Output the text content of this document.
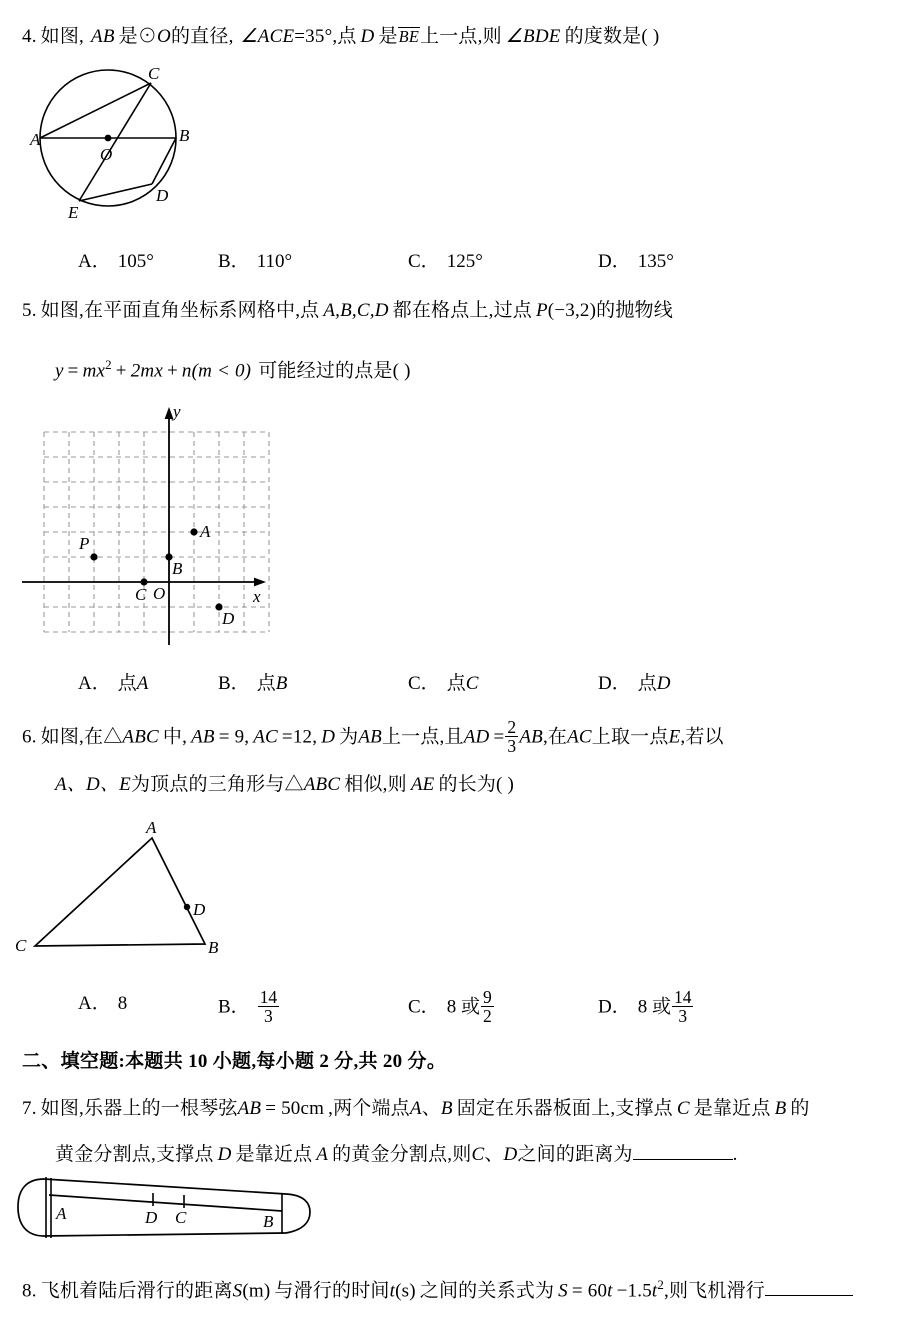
4. 如图, AB 是⊙O的直径, ∠ACE=35°,点 D 是BE上一点,则 ∠BDE 的度数是( )
C
A
O
B
D
E
A． 105°	B． 110°	C． 125°	D． 135°
5. 如图,在平面直角坐标系网格中,点 A,B,C,D 都在格点上,过点 P(−3,2)的抛物线
$y = mx^2 + 2mx + n(m < 0)$ 可能经过的点是( )
A
B
C
D
P
O	x
y
A． 点A	B． 点B	C． 点C	D． 点D
6. 如图,在△ABC 中, AB = 9, AC =12, D 为AB上一点,且AD = $\frac{2}{3}$ AB,在AC上取一点E,若以
A、D、E为顶点的三角形与△ABC 相似,则 AE 的长为( )
A
D
C	B
A． 8	B． $\frac{14}{3}$	C． 8 或 $\frac{9}{2}$	D． 8 或 $\frac{14}{3}$
二、填空题:本题共 10 小题,每小题 2 分,共 20 分。
7. 如图,乐器上的一根琴弦AB = 50cm ,两个端点A、B 固定在乐器板面上,支撑点 C 是靠近点 B 的
黄金分割点,支撑点 D 是靠近点 A 的黄金分割点,则C、D之间的距离为	.
A	D C	B
8. 飞机着陆后滑行的距离S(m) 与滑行的时间t(s) 之间的关系式为 $S = 60t -1.5t^2$,则飞机滑行
